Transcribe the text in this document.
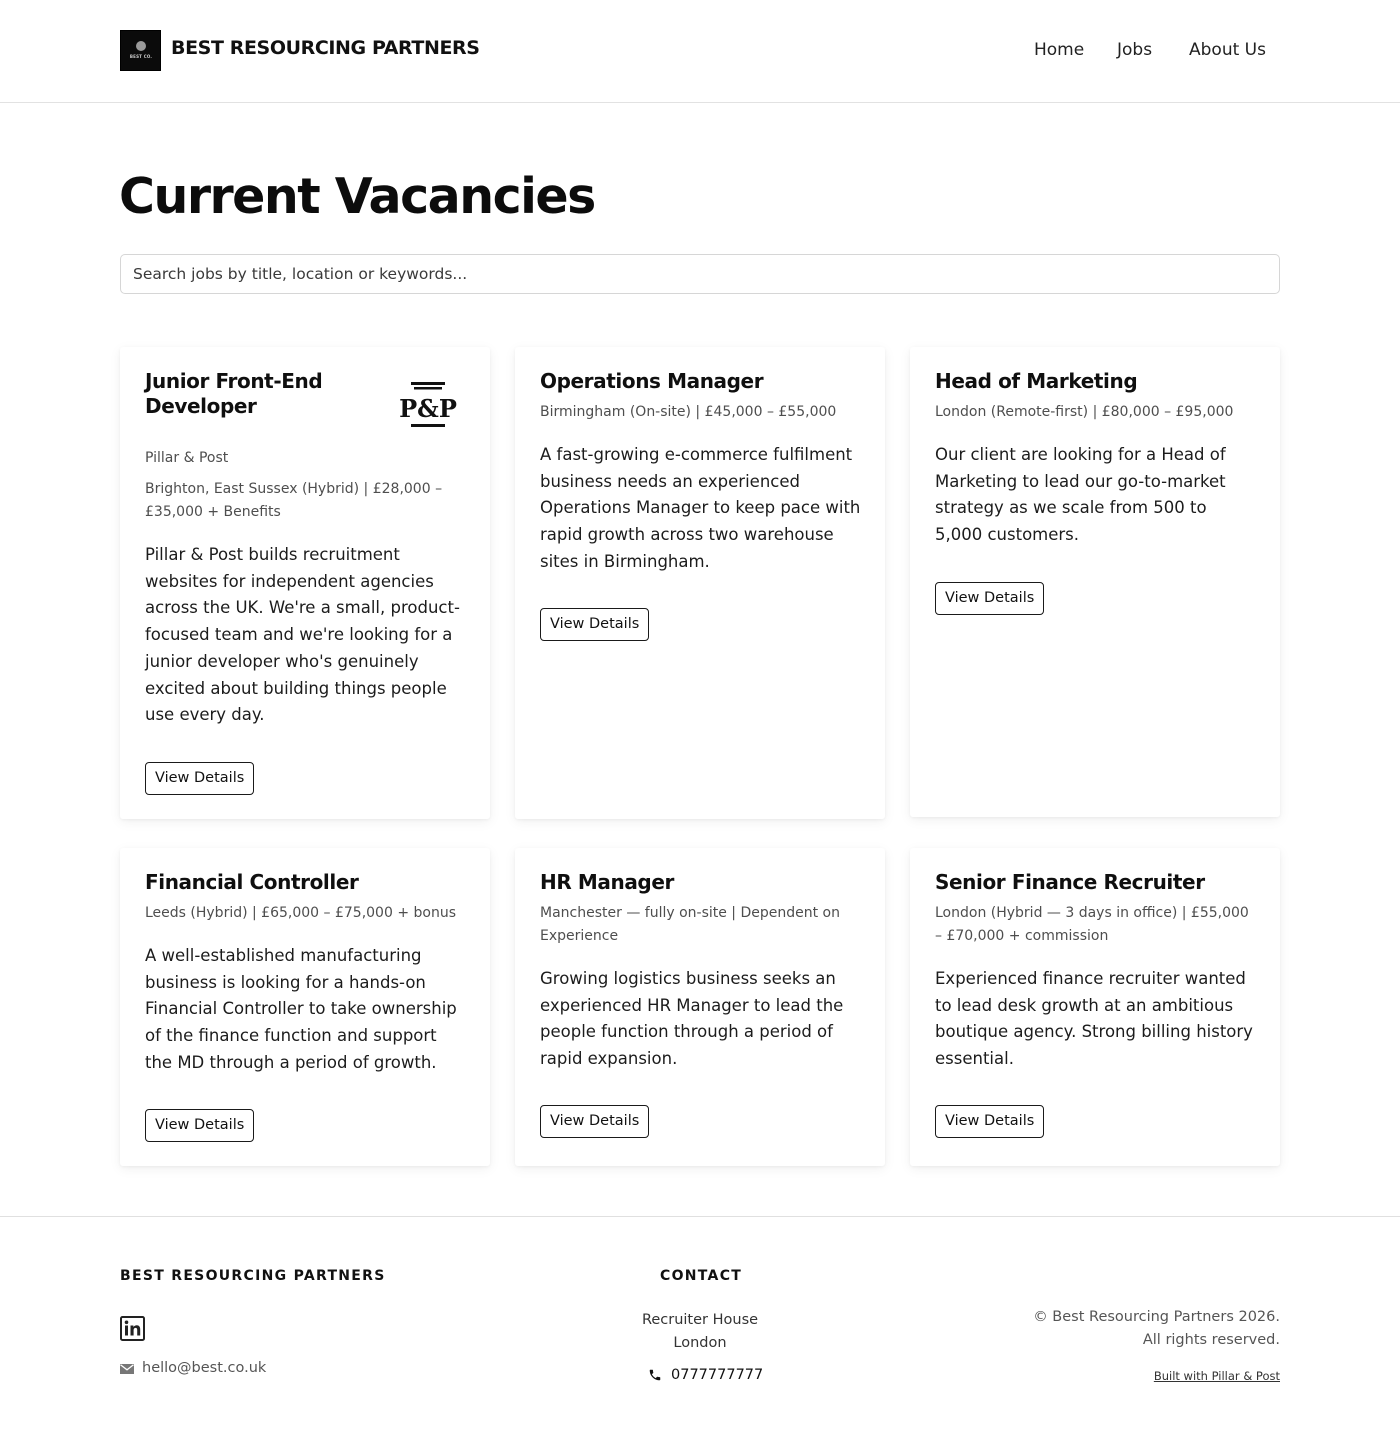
BEST CO. BEST RESOURCING PARTNERS	Home Jobs About Us
Current Vacancies
Search jobs by title, location or keywords...
Junior Front-End Developer	P&P
Pillar & Post
Brighton, East Sussex (Hybrid) | £28,000 – £35,000 + Benefits
Pillar & Post builds recruitment websites for independent agencies across the UK. We're a small, product-focused team and we're looking for a junior developer who's genuinely excited about building things people use every day.
View Details
Operations Manager
Birmingham (On-site) | £45,000 – £55,000
A fast-growing e-commerce fulfilment business needs an experienced Operations Manager to keep pace with rapid growth across two warehouse sites in Birmingham.
View Details
Head of Marketing
London (Remote-first) | £80,000 – £95,000
Our client are looking for a Head of Marketing to lead our go-to-market strategy as we scale from 500 to 5,000 customers.
View Details
Financial Controller
Leeds (Hybrid) | £65,000 – £75,000 + bonus
A well-established manufacturing business is looking for a hands-on Financial Controller to take ownership of the finance function and support the MD through a period of growth.
View Details
HR Manager
Manchester — fully on-site | Dependent on Experience
Growing logistics business seeks an experienced HR Manager to lead the people function through a period of rapid expansion.
View Details
Senior Finance Recruiter
London (Hybrid — 3 days in office) | £55,000 – £70,000 + commission
Experienced finance recruiter wanted to lead desk growth at an ambitious boutique agency. Strong billing history essential.
View Details
BEST RESOURCING PARTNERS
hello@best.co.uk
CONTACT
Recruiter House
London
0777777777
© Best Resourcing Partners 2026.
All rights reserved.
Built with Pillar & Post
